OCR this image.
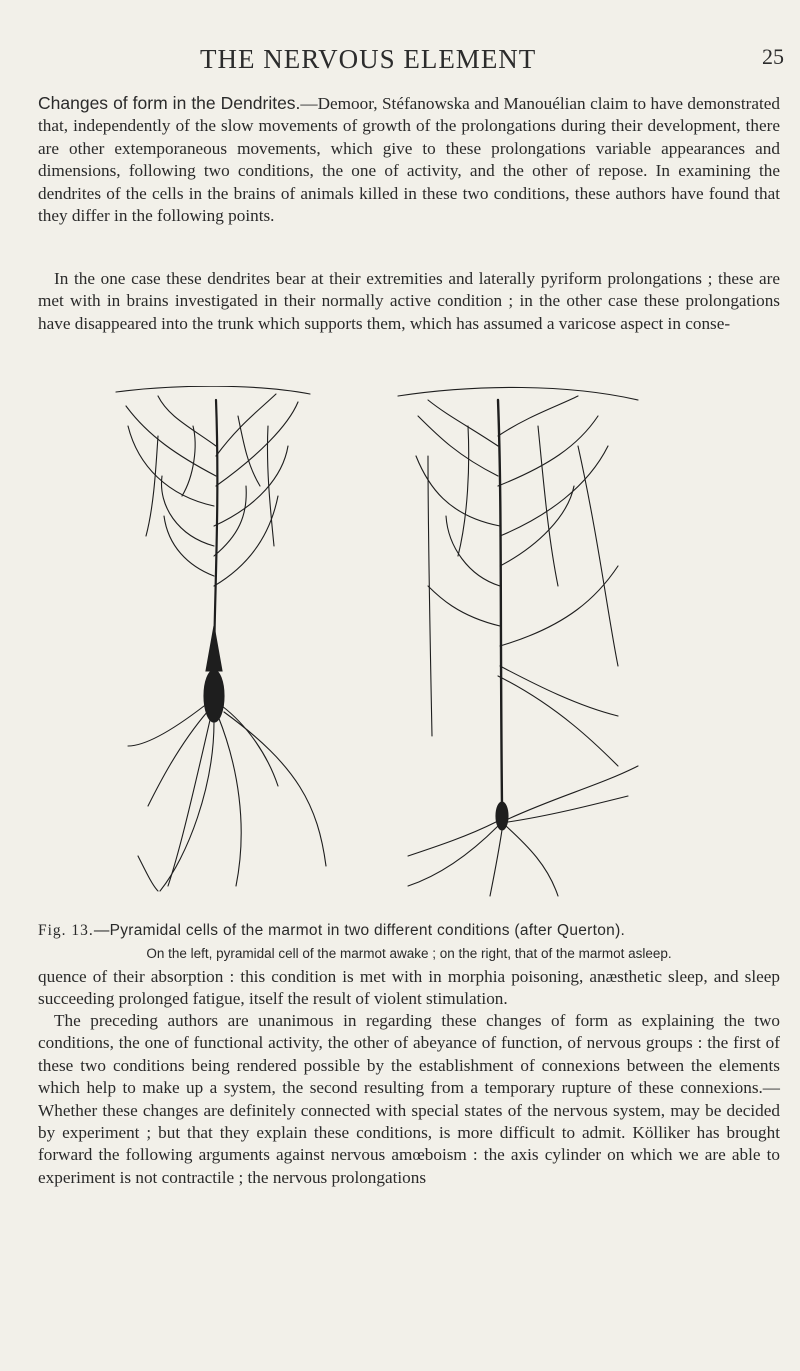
THE NERVOUS ELEMENT	25

Changes of form in the Dendrites.—Demoor, Stéfanowska and Manouélian claim to have demonstrated that, independently of the slow movements of growth of the prolongations during their development, there are other extemporaneous movements, which give to these prolongations variable appearances and dimensions, following two conditions, the one of activity, and the other of repose. In examining the dendrites of the cells in the brains of animals killed in these two conditions, these authors have found that they differ in the following points.

In the one case these dendrites bear at their extremities and laterally pyriform prolongations ; these are met with in brains investigated in their normally active condition ; in the other case these prolongations have disappeared into the trunk which supports them, which has assumed a varicose aspect in conse-

Fig. 13.—Pyramidal cells of the marmot in two different conditions (after Querton).
On the left, pyramidal cell of the marmot awake ; on the right, that of the marmot asleep.

quence of their absorption : this condition is met with in morphia poisoning, anæsthetic sleep, and sleep succeeding prolonged fatigue, itself the result of violent stimulation.

The preceding authors are unanimous in regarding these changes of form as explaining the two conditions, the one of functional activity, the other of abeyance of function, of nervous groups : the first of these two conditions being rendered possible by the establishment of connexions between the elements which help to make up a system, the second resulting from a temporary rupture of these connexions.—Whether these changes are definitely connected with special states of the nervous system, may be decided by experiment ; but that they explain these conditions, is more difficult to admit. Kölliker has brought forward the following arguments against nervous amœboism : the axis cylinder on which we are able to experiment is not contractile ; the nervous prolongations
